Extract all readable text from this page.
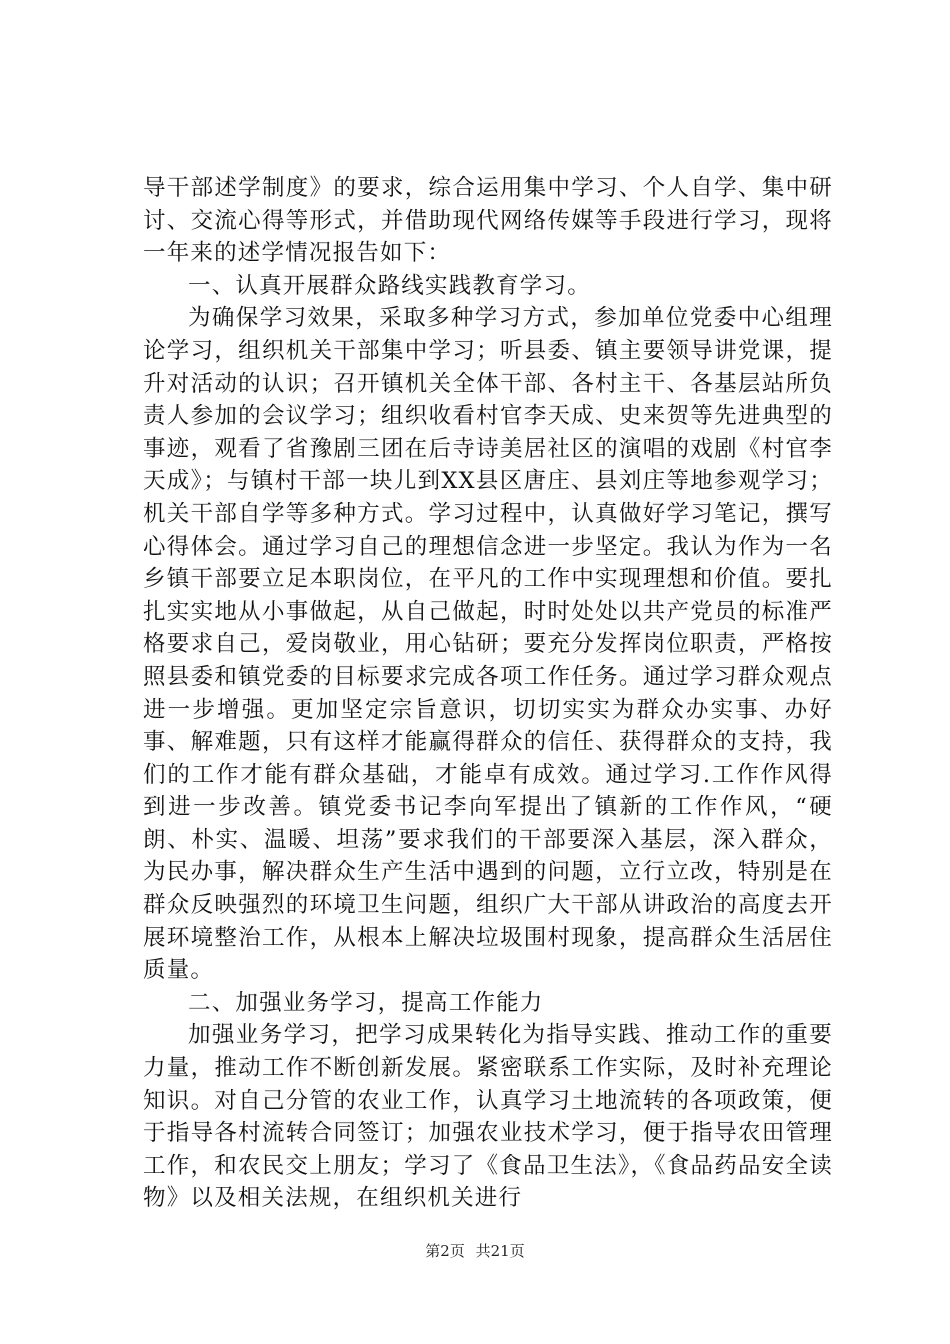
导干部述学制度》的要求，综合运用集中学习、个人自学、集中研讨、交流心得等形式，并借助现代网络传媒等手段进行学习，现将一年来的述学情况报告如下：

一、认真开展群众路线实践教育学习。

为确保学习效果，采取多种学习方式，参加单位党委中心组理论学习，组织机关干部集中学习；听县委、镇主要领导讲党课，提升对活动的认识；召开镇机关全体干部、各村主干、各基层站所负责人参加的会议学习；组织收看村官李天成、史来贺等先进典型的事迹，观看了省豫剧三团在后寺诗美居社区的演唱的戏剧《村官李天成》；与镇村干部一块儿到XX县区唐庄、县刘庄等地参观学习；机关干部自学等多种方式。学习过程中，认真做好学习笔记，撰写心得体会。通过学习自己的理想信念进一步坚定。我认为作为一名乡镇干部要立足本职岗位，在平凡的工作中实现理想和价值。要扎扎实实地从小事做起，从自己做起，时时处处以共产党员的标准严格要求自己，爱岗敬业，用心钻研；要充分发挥岗位职责，严格按照县委和镇党委的目标要求完成各项工作任务。通过学习群众观点进一步增强。更加坚定宗旨意识，切切实实为群众办实事、办好事、解难题，只有这样才能赢得群众的信任、获得群众的支持，我们的工作才能有群众基础，才能卓有成效。通过学习.工作作风得到进一步改善。镇党委书记李向军提出了镇新的工作作风，“硬朗、朴实、温暖、坦荡”要求我们的干部要深入基层，深入群众，为民办事，解决群众生产生活中遇到的问题，立行立改，特别是在群众反映强烈的环境卫生问题，组织广大干部从讲政治的高度去开展环境整治工作，从根本上解决垃圾围村现象，提高群众生活居住质量。

二、加强业务学习，提高工作能力

加强业务学习，把学习成果转化为指导实践、推动工作的重要力量，推动工作不断创新发展。紧密联系工作实际，及时补充理论知识。对自己分管的农业工作，认真学习土地流转的各项政策，便于指导各村流转合同签订；加强农业技术学习，便于指导农田管理工作，和农民交上朋友；学习了《食品卫生法》，《食品药品安全读物》以及相关法规，在组织机关进行

第2页 共21页
